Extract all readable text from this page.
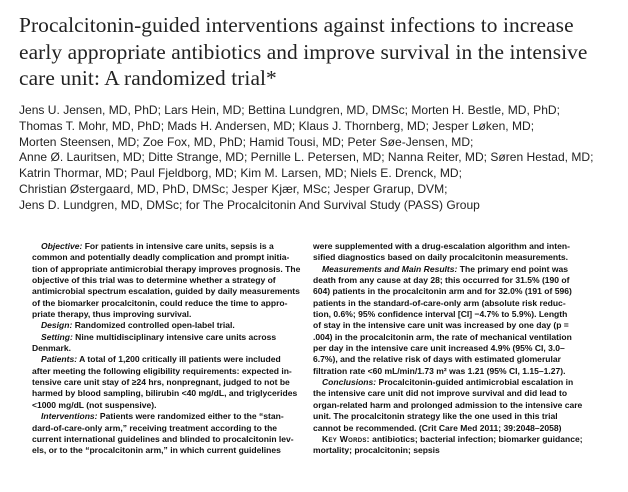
Procalcitonin-guided interventions against infections to increase
early appropriate antibiotics and improve survival in the intensive
care unit: A randomized trial*
Jens U. Jensen, MD, PhD; Lars Hein, MD; Bettina Lundgren, MD, DMSc; Morten H. Bestle, MD, PhD;
Thomas T. Mohr, MD, PhD; Mads H. Andersen, MD; Klaus J. Thornberg, MD; Jesper Løken, MD;
Morten Steensen, MD; Zoe Fox, MD, PhD; Hamid Tousi, MD; Peter Søe-Jensen, MD;
Anne Ø. Lauritsen, MD; Ditte Strange, MD; Pernille L. Petersen, MD; Nanna Reiter, MD; Søren Hestad, MD;
Katrin Thormar, MD; Paul Fjeldborg, MD; Kim M. Larsen, MD; Niels E. Drenck, MD;
Christian Østergaard, MD, PhD, DMSc; Jesper Kjær, MSc; Jesper Grarup, DVM;
Jens D. Lundgren, MD, DMSc; for The Procalcitonin And Survival Study (PASS) Group
Objective: For patients in intensive care units, sepsis is a
common and potentially deadly complication and prompt initia-
tion of appropriate antimicrobial therapy improves prognosis. The
objective of this trial was to determine whether a strategy of
antimicrobial spectrum escalation, guided by daily measurements
of the biomarker procalcitonin, could reduce the time to appro-
priate therapy, thus improving survival.
Design: Randomized controlled open-label trial.
Setting: Nine multidisciplinary intensive care units across
Denmark.
Patients: A total of 1,200 critically ill patients were included
after meeting the following eligibility requirements: expected in-
tensive care unit stay of ≥24 hrs, nonpregnant, judged to not be
harmed by blood sampling, bilirubin <40 mg/dL, and triglycerides
<1000 mg/dL (not suspensive).
Interventions: Patients were randomized either to the “stan-
dard-of-care-only arm,” receiving treatment according to the
current international guidelines and blinded to procalcitonin lev-
els, or to the “procalcitonin arm,” in which current guidelines
were supplemented with a drug-escalation algorithm and inten-
sified diagnostics based on daily procalcitonin measurements.
Measurements and Main Results: The primary end point was
death from any cause at day 28; this occurred for 31.5% (190 of
604) patients in the procalcitonin arm and for 32.0% (191 of 596)
patients in the standard-of-care-only arm (absolute risk reduc-
tion, 0.6%; 95% confidence interval [CI] −4.7% to 5.9%). Length
of stay in the intensive care unit was increased by one day (p =
.004) in the procalcitonin arm, the rate of mechanical ventilation
per day in the intensive care unit increased 4.9% (95% CI, 3.0–
6.7%), and the relative risk of days with estimated glomerular
filtration rate <60 mL/min/1.73 m² was 1.21 (95% CI, 1.15–1.27).
Conclusions: Procalcitonin-guided antimicrobial escalation in
the intensive care unit did not improve survival and did lead to
organ-related harm and prolonged admission to the intensive care
unit. The procalcitonin strategy like the one used in this trial
cannot be recommended. (Crit Care Med 2011; 39:2048–2058)
Key Words: antibiotics; bacterial infection; biomarker guidance;
mortality; procalcitonin; sepsis
